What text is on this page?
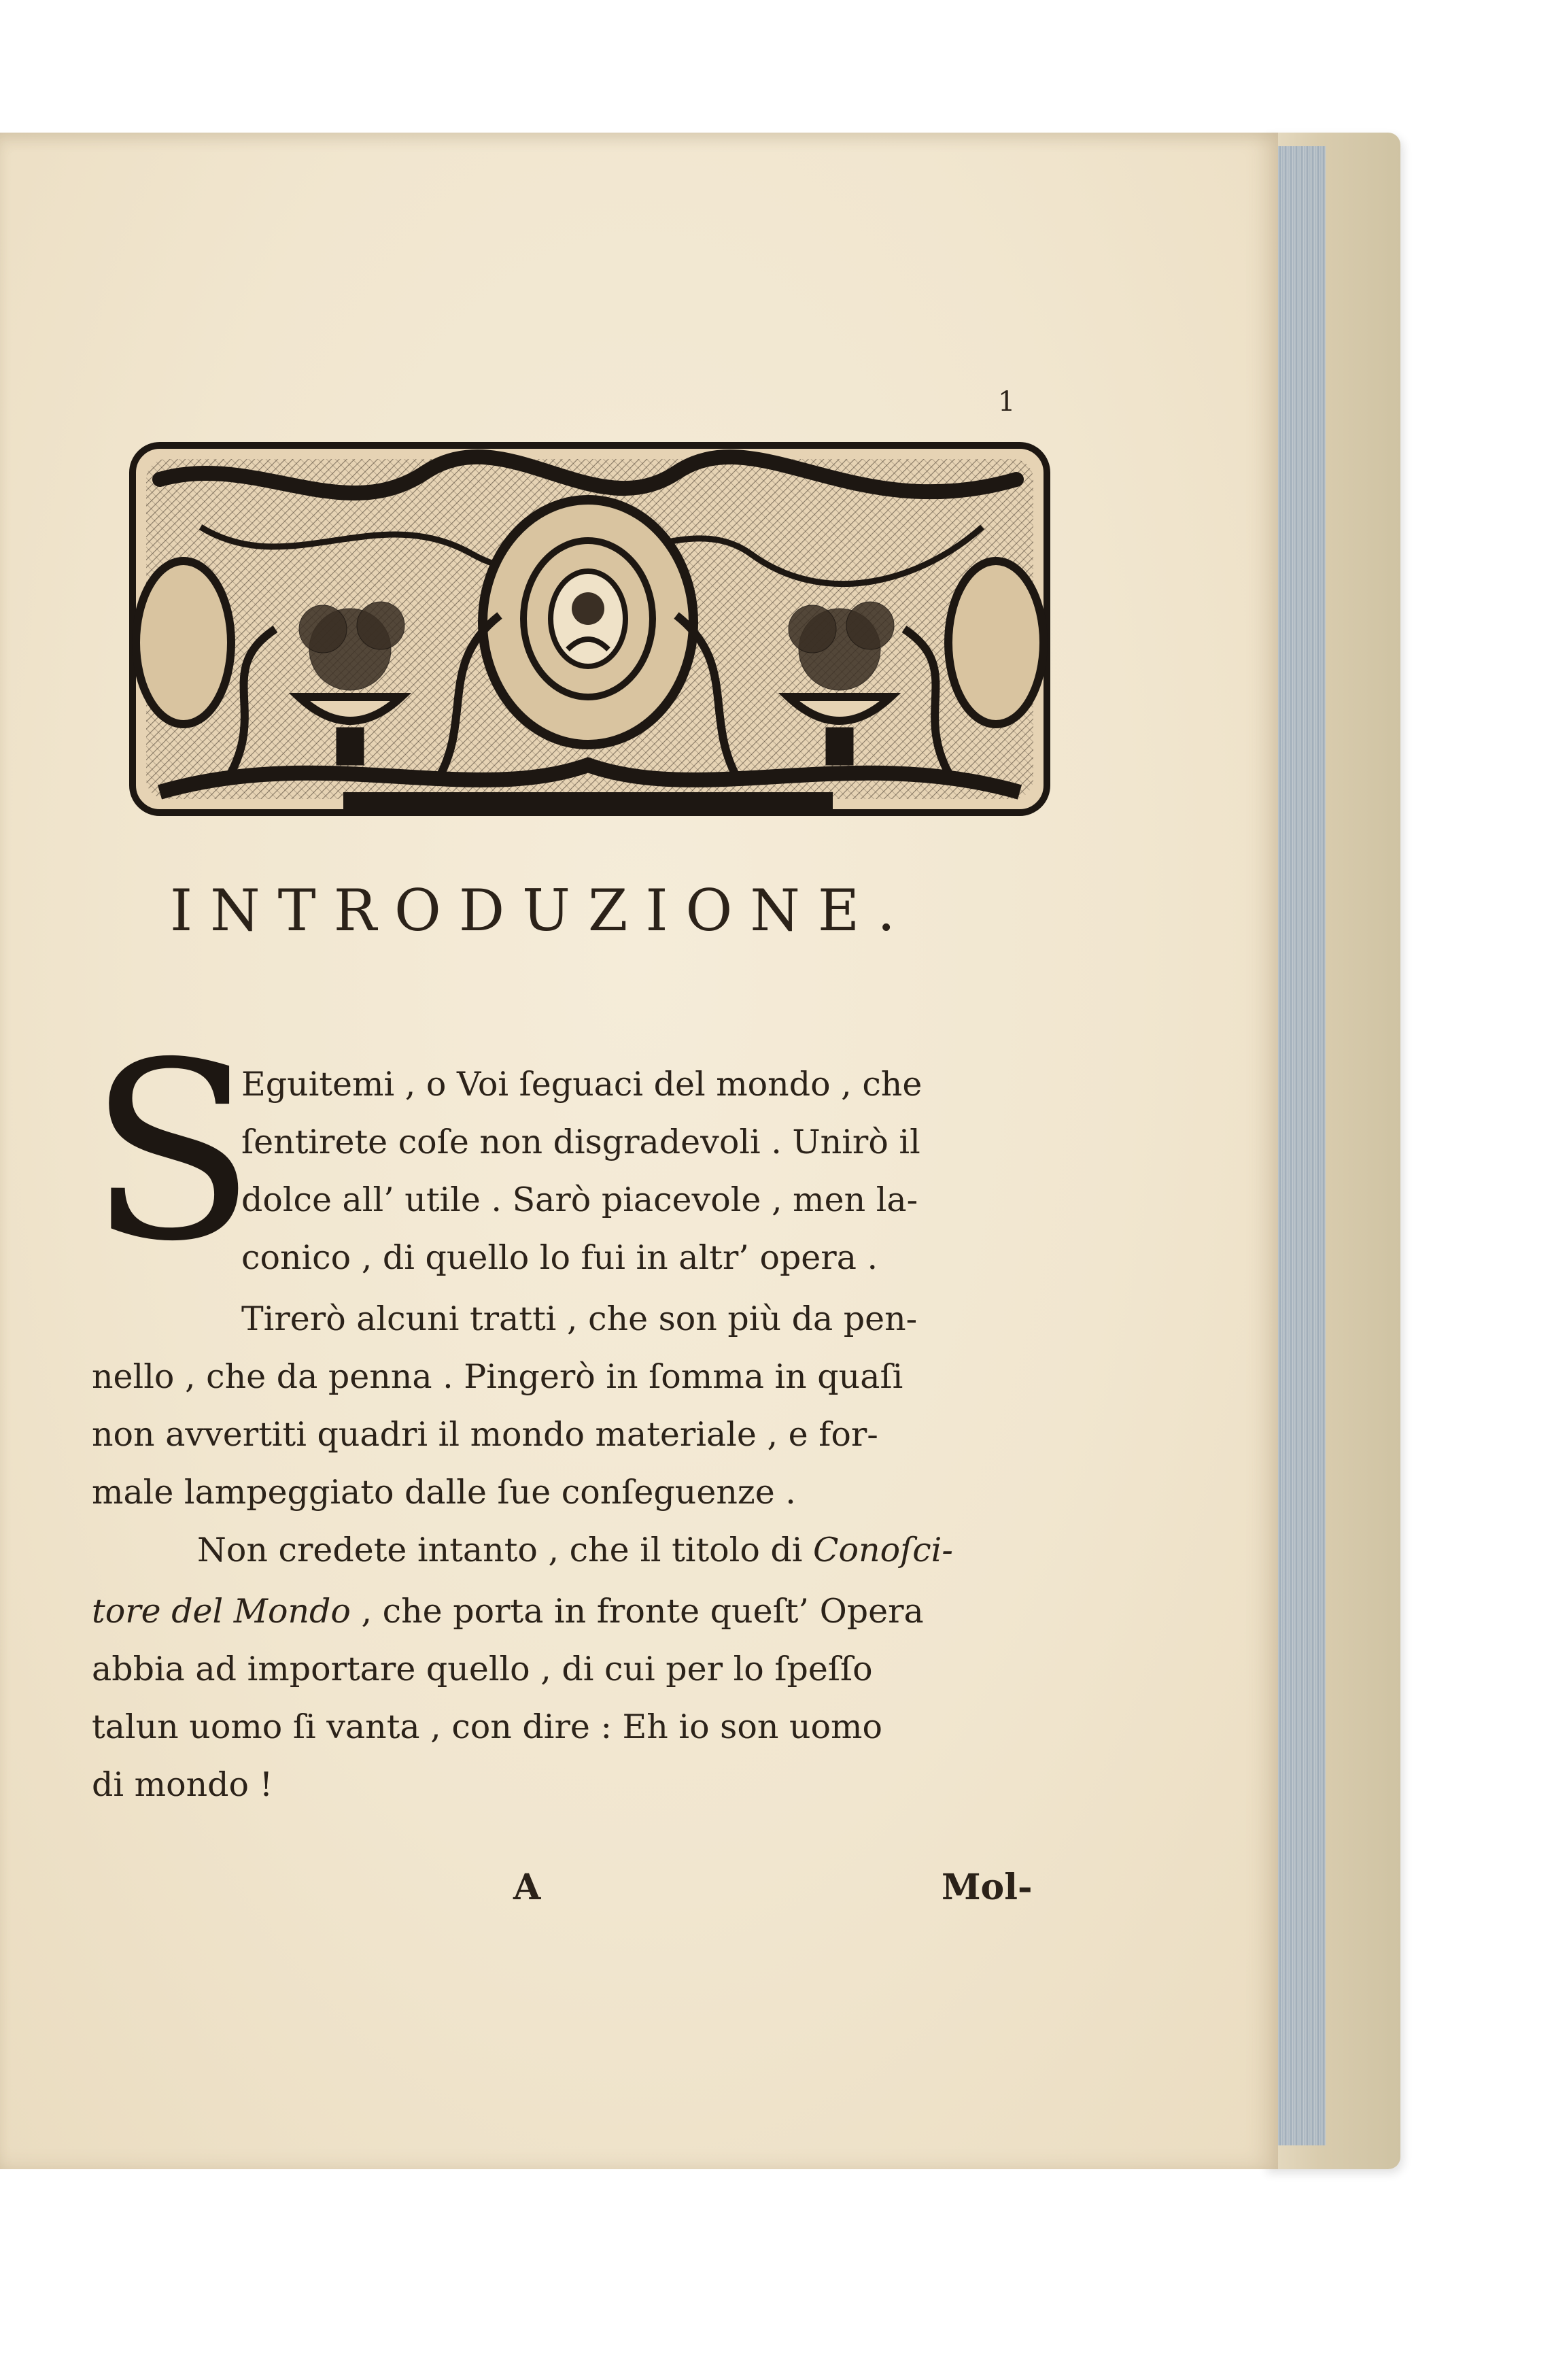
1
INTRODUZIONE.
S
Eguitemi , o Voi ſeguaci del mondo , che
ſentirete coſe non disgradevoli . Unirò il
dolce all’ utile . Sarò piacevole , men la-
conico , di quello lo fui in altr’ opera .
Tirerò alcuni tratti , che son più da pen-
nello , che da penna . Pingerò in ſomma in quaſi
non avvertiti quadri il mondo materiale , e for-
male lampeggiato dalle ſue conſeguenze .
Non credete intanto , che il titolo di Conoſci-
tore del Mondo , che porta in fronte queſt’ Opera
abbia ad importare quello , di cui per lo ſpeſſo
talun uomo ſi vanta , con dire : Eh io son uomo
di mondo !
A	Mol-
